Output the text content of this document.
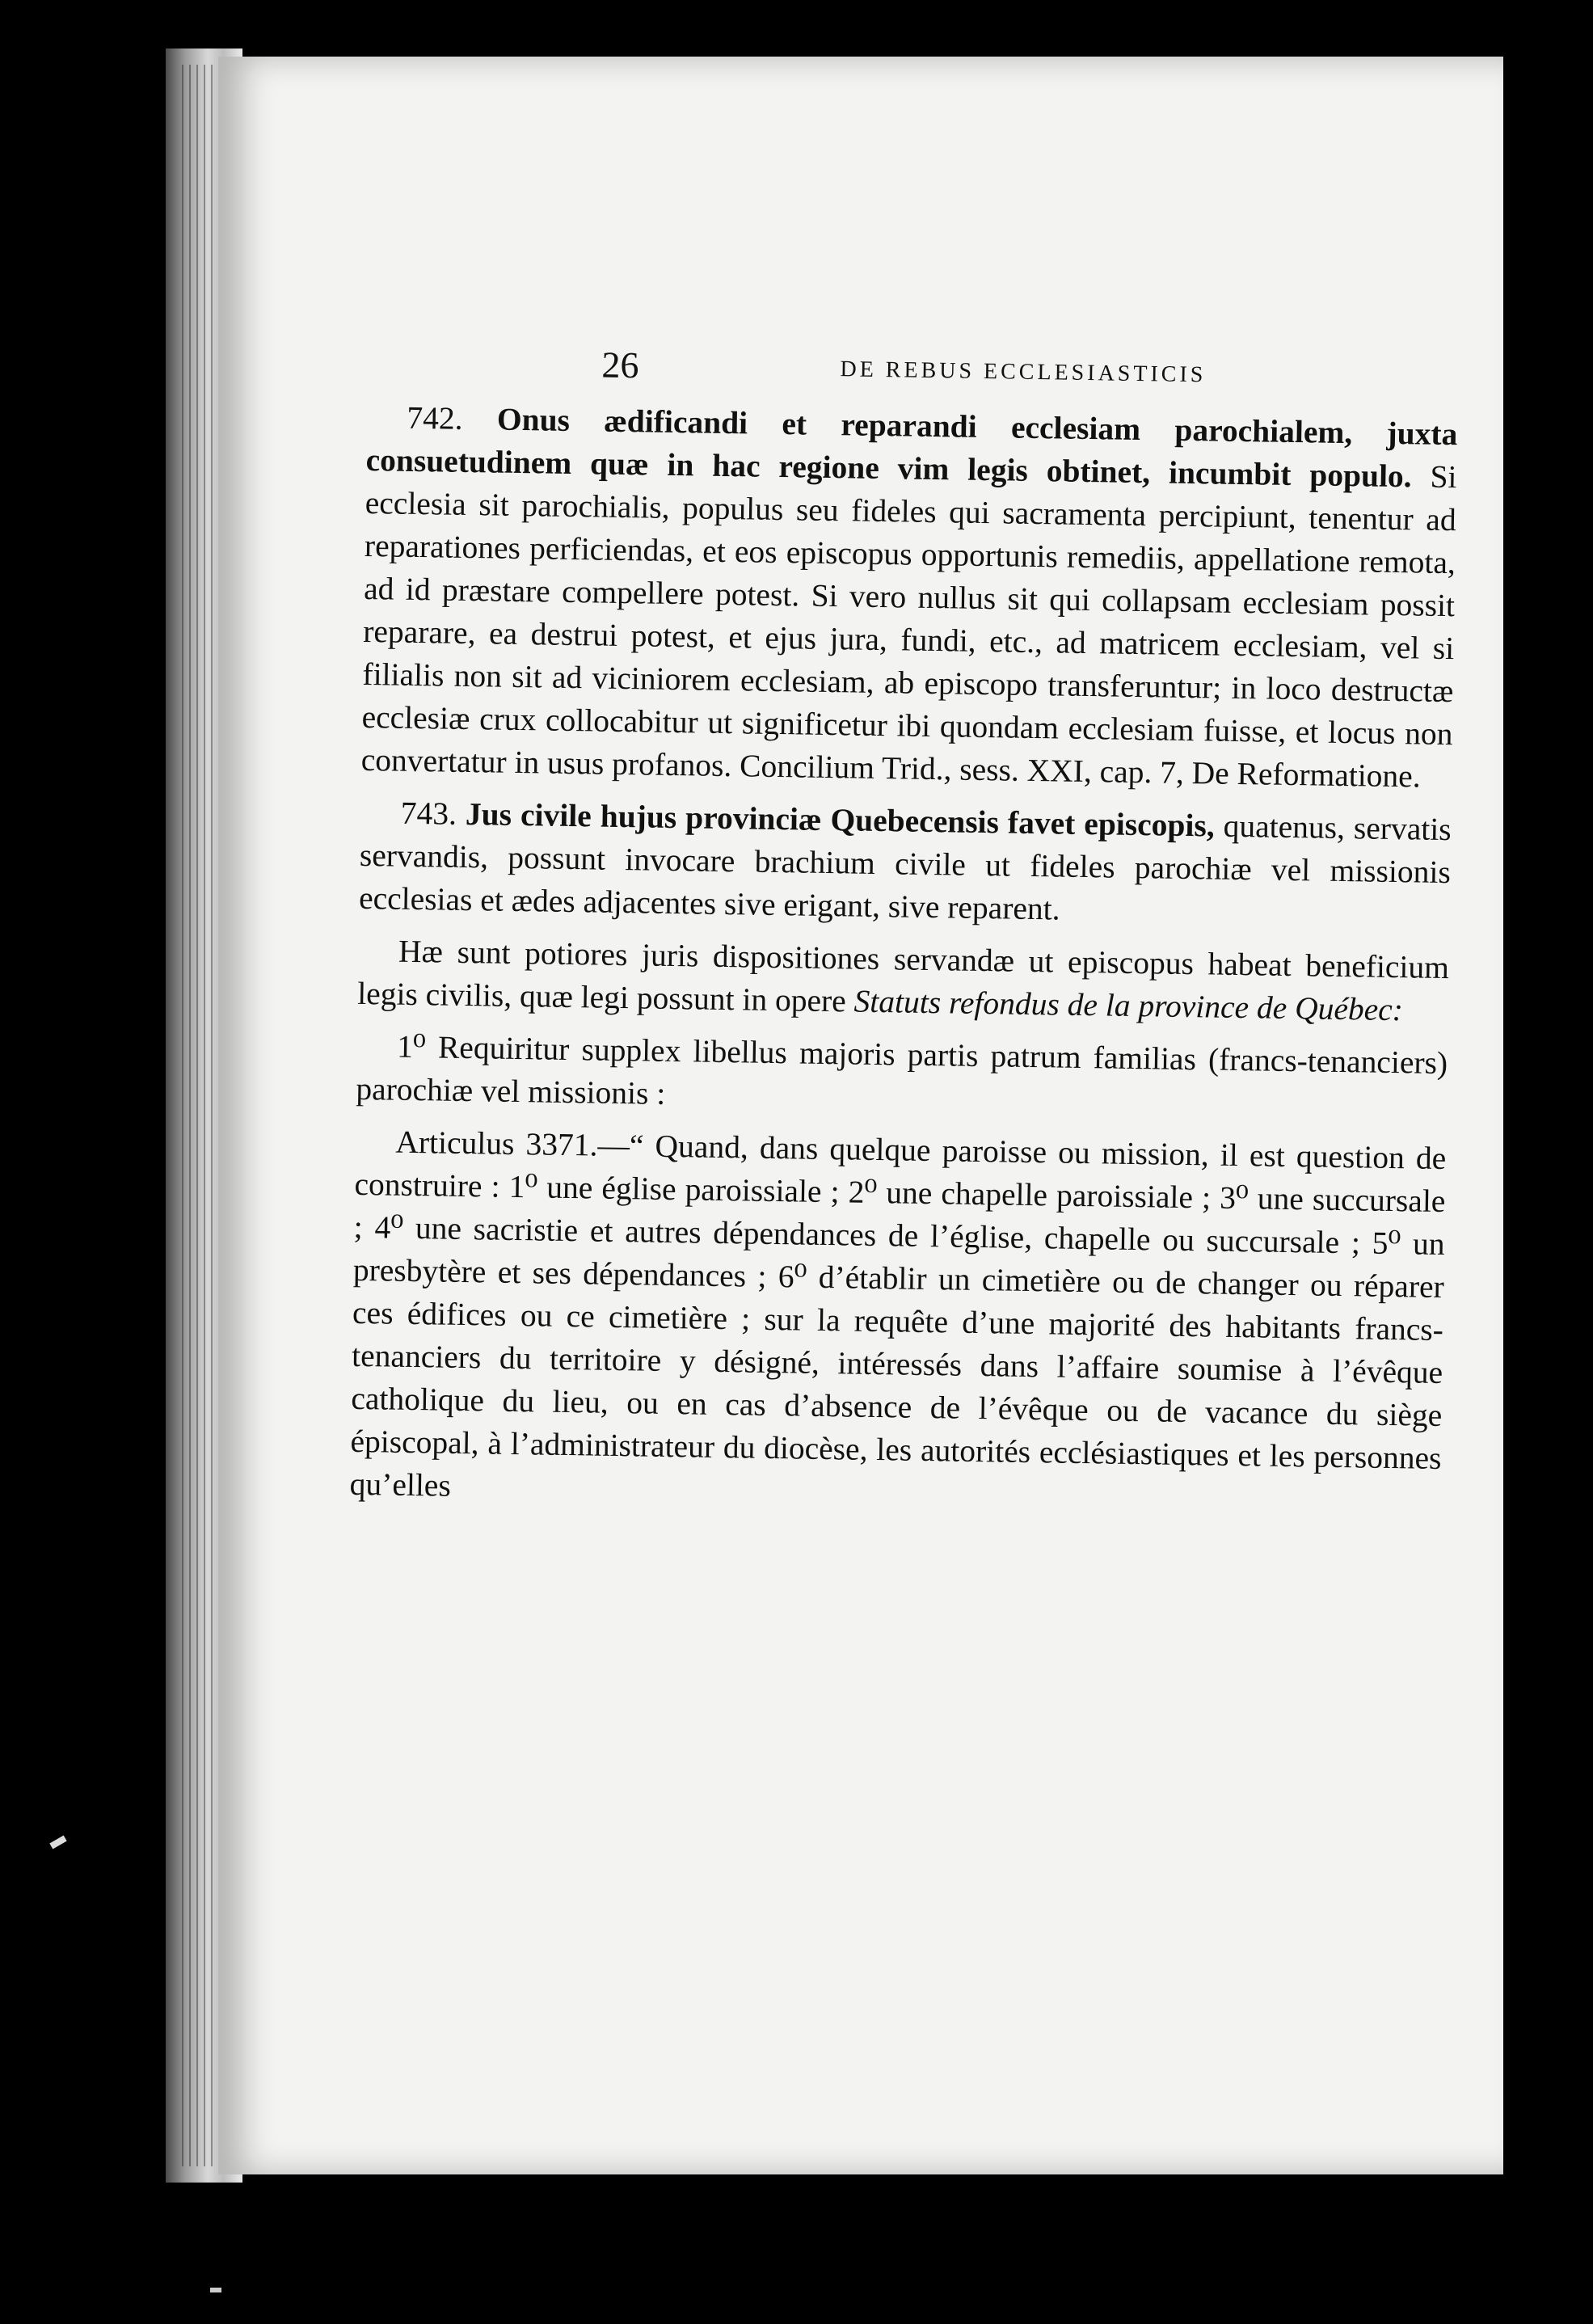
26	DE REBUS ECCLESIASTICIS

742. Onus ædificandi et reparandi ecclesiam parochialem, juxta consuetudinem quæ in hac regione vim legis obtinet, incumbit populo. Si ecclesia sit parochialis, populus seu fideles qui sacramenta percipiunt, tenentur ad reparationes perficiendas, et eos episcopus opportunis remediis, appellatione remota, ad id præstare compellere potest. Si vero nullus sit qui collapsam ecclesiam possit reparare, ea destrui potest, et ejus jura, fundi, etc., ad matricem ecclesiam, vel si filialis non sit ad viciniorem ecclesiam, ab episcopo transferuntur; in loco destructæ ecclesiæ crux collocabitur ut significetur ibi quondam ecclesiam fuisse, et locus non convertatur in usus profanos. Concilium Trid., sess. XXI, cap. 7, De Reformatione.

743. Jus civile hujus provinciæ Quebecensis favet episcopis, quatenus, servatis servandis, possunt invocare brachium civile ut fideles parochiæ vel missionis ecclesias et ædes adjacentes sive erigant, sive reparent.

Hæ sunt potiores juris dispositiones servandæ ut episcopus habeat beneficium legis civilis, quæ legi possunt in opere Statuts refondus de la province de Québec:

1⁰ Requiritur supplex libellus majoris partis patrum familias (francs-tenanciers) parochiæ vel missionis :

Articulus 3371.—“ Quand, dans quelque paroisse ou mission, il est question de construire : 1⁰ une église paroissiale ; 2⁰ une chapelle paroissiale ; 3⁰ une succursale ; 4⁰ une sacristie et autres dépendances de l’église, chapelle ou succursale ; 5⁰ un presbytère et ses dépendances ; 6⁰ d’établir un cimetière ou de changer ou réparer ces édifices ou ce cimetière ; sur la requête d’une majorité des habitants francs-tenanciers du territoire y désigné, intéressés dans l’affaire soumise à l’évêque catholique du lieu, ou en cas d’absence de l’évêque ou de vacance du siège épiscopal, à l’administrateur du diocèse, les autorités ecclésiastiques et les personnes qu’elles
